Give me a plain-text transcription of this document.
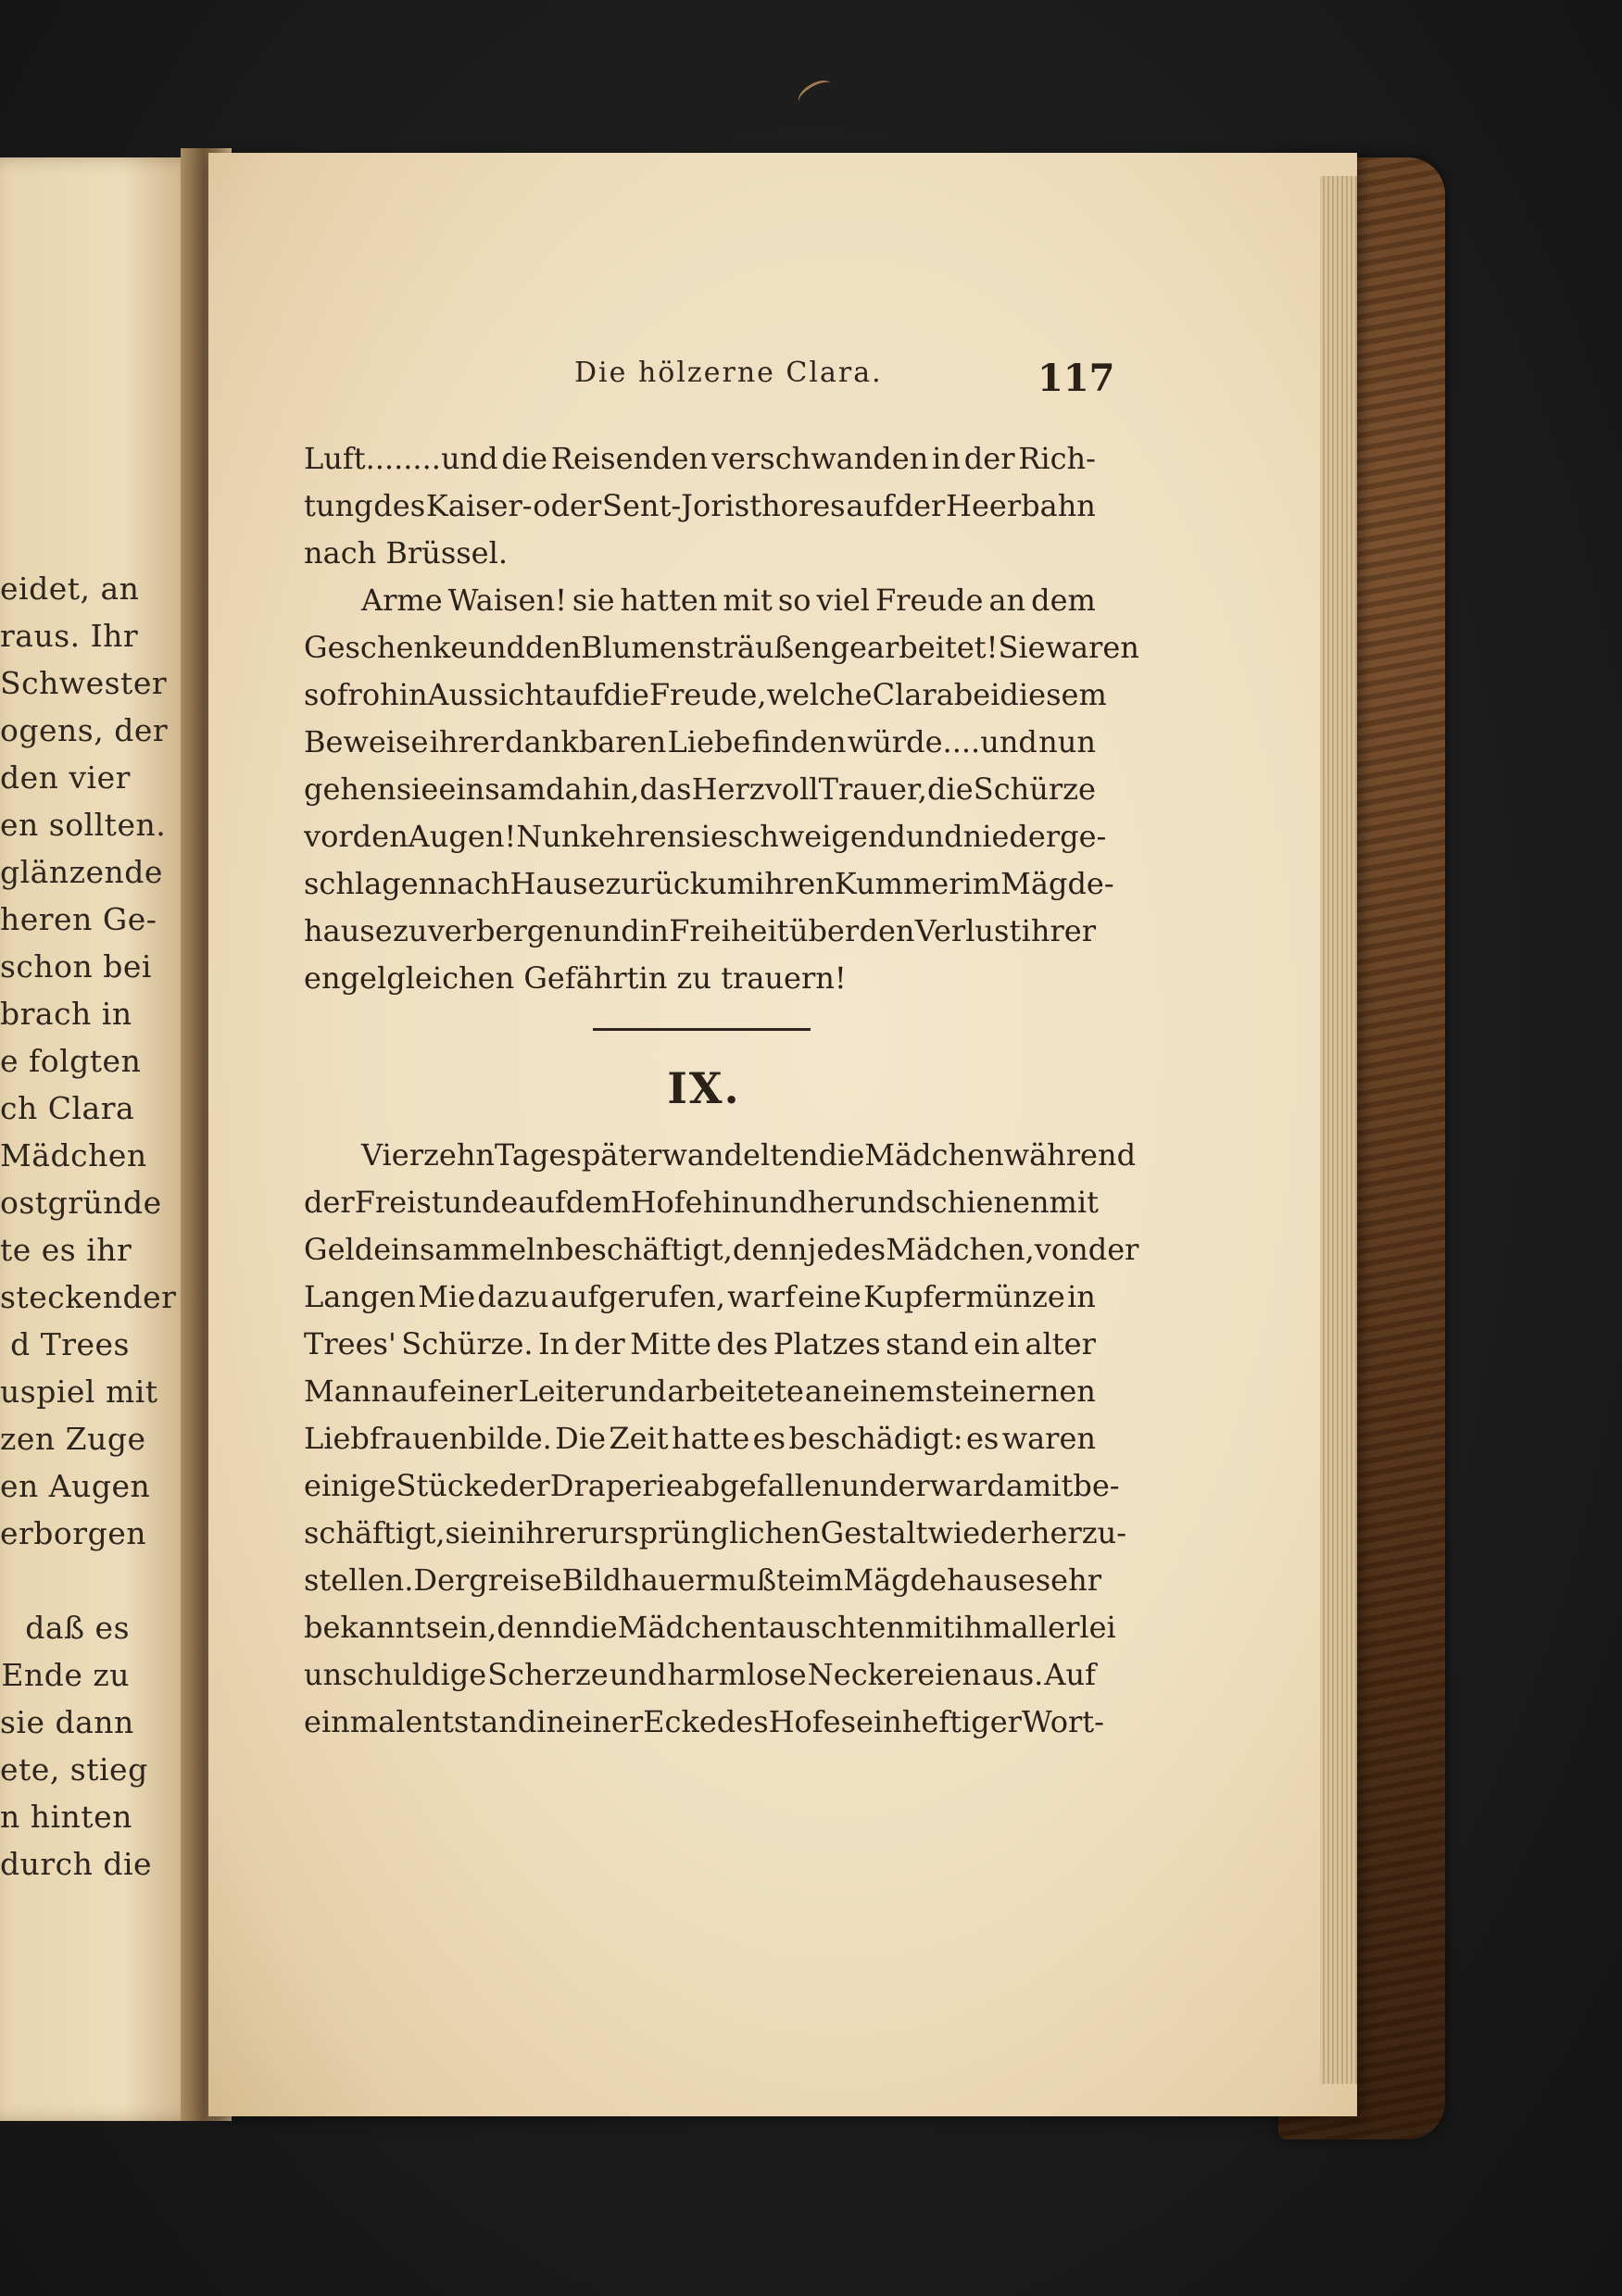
eidet, an
raus. Ihr
Schwester
ogens, der
den vier
en sollten.
glänzende
heren Ge-
schon bei
brach in
e folgten
ch Clara
Mädchen
ostgründe
te es ihr
steckender
d Trees
uspiel mit
zen Zuge
en Augen
erborgen
daß es
Ende zu
sie dann
ete, stieg
n hinten
durch die
Die hölzerne Clara.	117
Luft........und die Reisenden verschwanden in der Rich-
tung des Kaiser- oder Sent-Joristhores auf der Heerbahn
nach Brüssel.
Arme Waisen! sie hatten mit so viel Freude an dem
Geschenke und den Blumensträußen gearbeitet! Sie waren
so froh in Aussicht auf die Freude, welche Clara bei diesem
Beweise ihrer dankbaren Liebe finden würde....und nun
gehen sie einsam dahin, das Herz voll Trauer, die Schürze
vor den Augen! Nun kehren sie schweigend und niederge-
schlagen nach Hause zurück um ihren Kummer im Mägde-
hause zu verbergen und in Freiheit über den Verlust ihrer
engelgleichen Gefährtin zu trauern!
IX.
Vierzehn Tage später wandelten die Mädchen während
der Freistunde auf dem Hofe hin und her und schienen mit
Geldeinsammeln beschäftigt, denn jedes Mädchen, von der
Langen Mie dazu aufgerufen, warf eine Kupfermünze in
Trees' Schürze. In der Mitte des Platzes stand ein alter
Mann auf einer Leiter und arbeitete an einem steinernen
Liebfrauenbilde. Die Zeit hatte es beschädigt: es waren
einige Stücke der Draperie abgefallen und er war damit be-
schäftigt, sie in ihrer ursprünglichen Gestalt wiederherzu-
stellen. Der greise Bildhauer mußte im Mägdehause sehr
bekannt sein, denn die Mädchen tauschten mit ihm allerlei
unschuldige Scherze und harmlose Neckereien aus. Auf
einmal entstand in einer Ecke des Hofes ein heftiger Wort-
